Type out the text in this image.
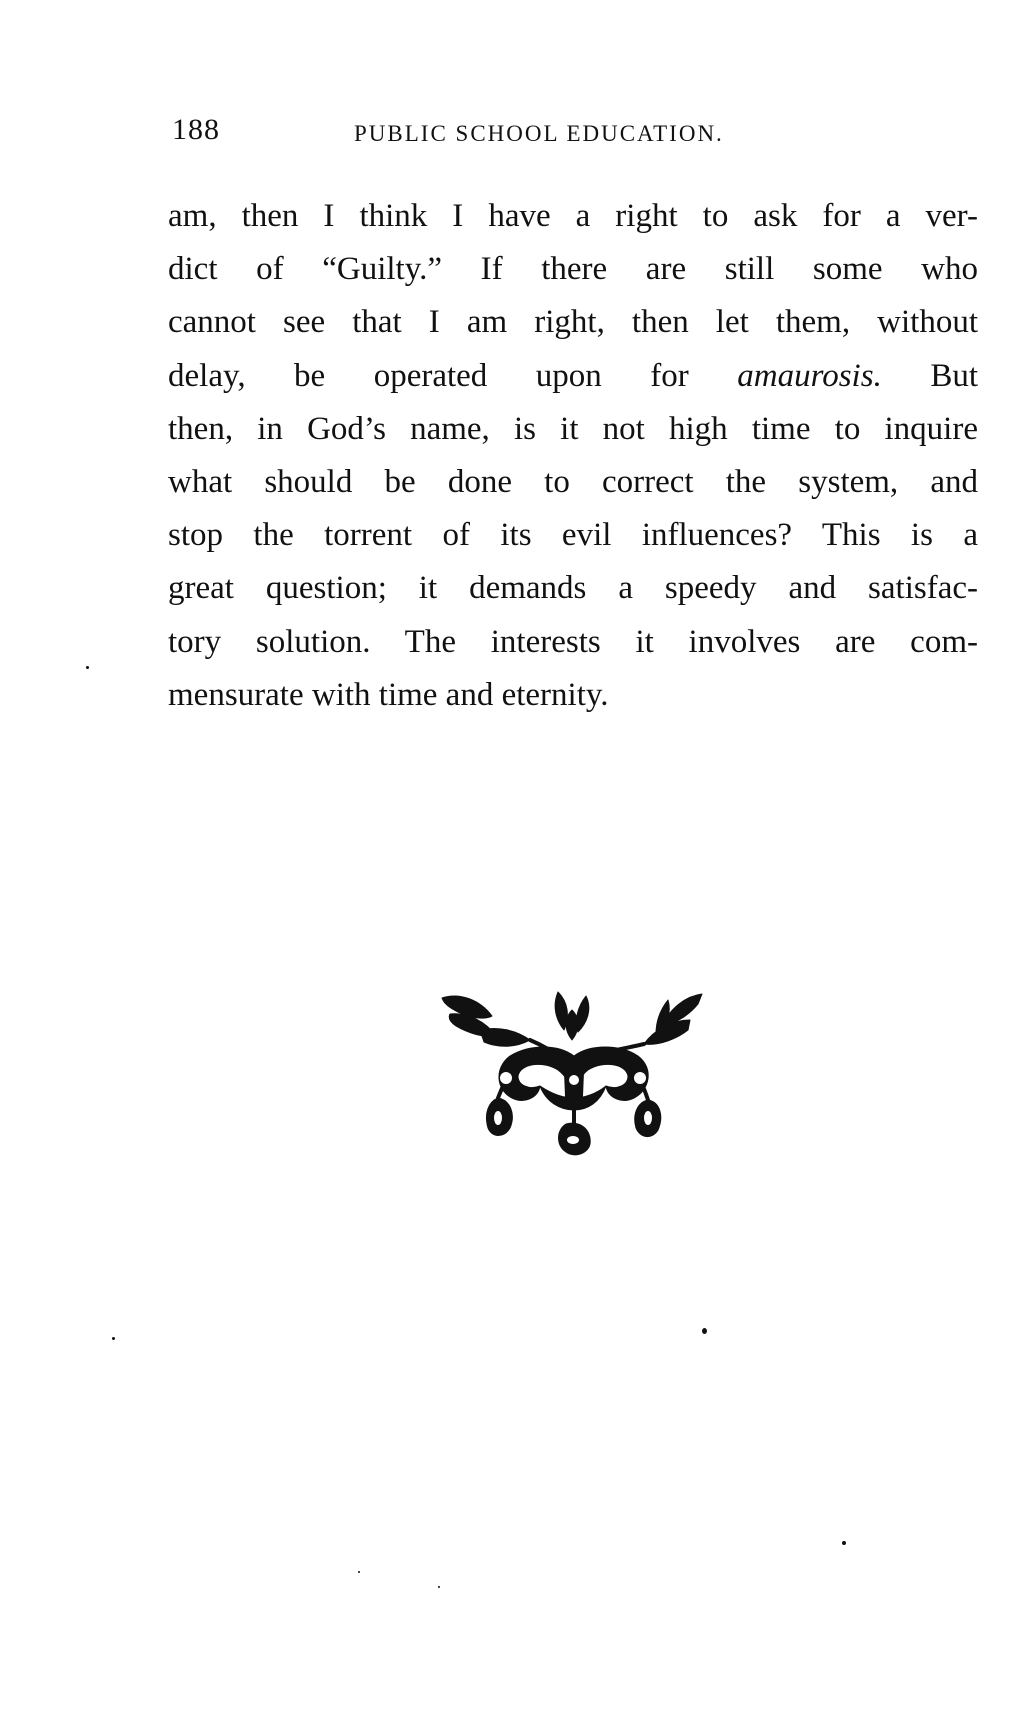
188	PUBLIC SCHOOL EDUCATION.
am, then I think I have a right to ask for a ver-
dict of “Guilty.” If there are still some who
cannot see that I am right, then let them, without
delay, be operated upon for amaurosis. But
then, in God’s name, is it not high time to inquire
what should be done to correct the system, and
stop the torrent of its evil influences? This is a
great question; it demands a speedy and satisfac-
tory solution. The interests it involves are com-
mensurate with time and eternity.
